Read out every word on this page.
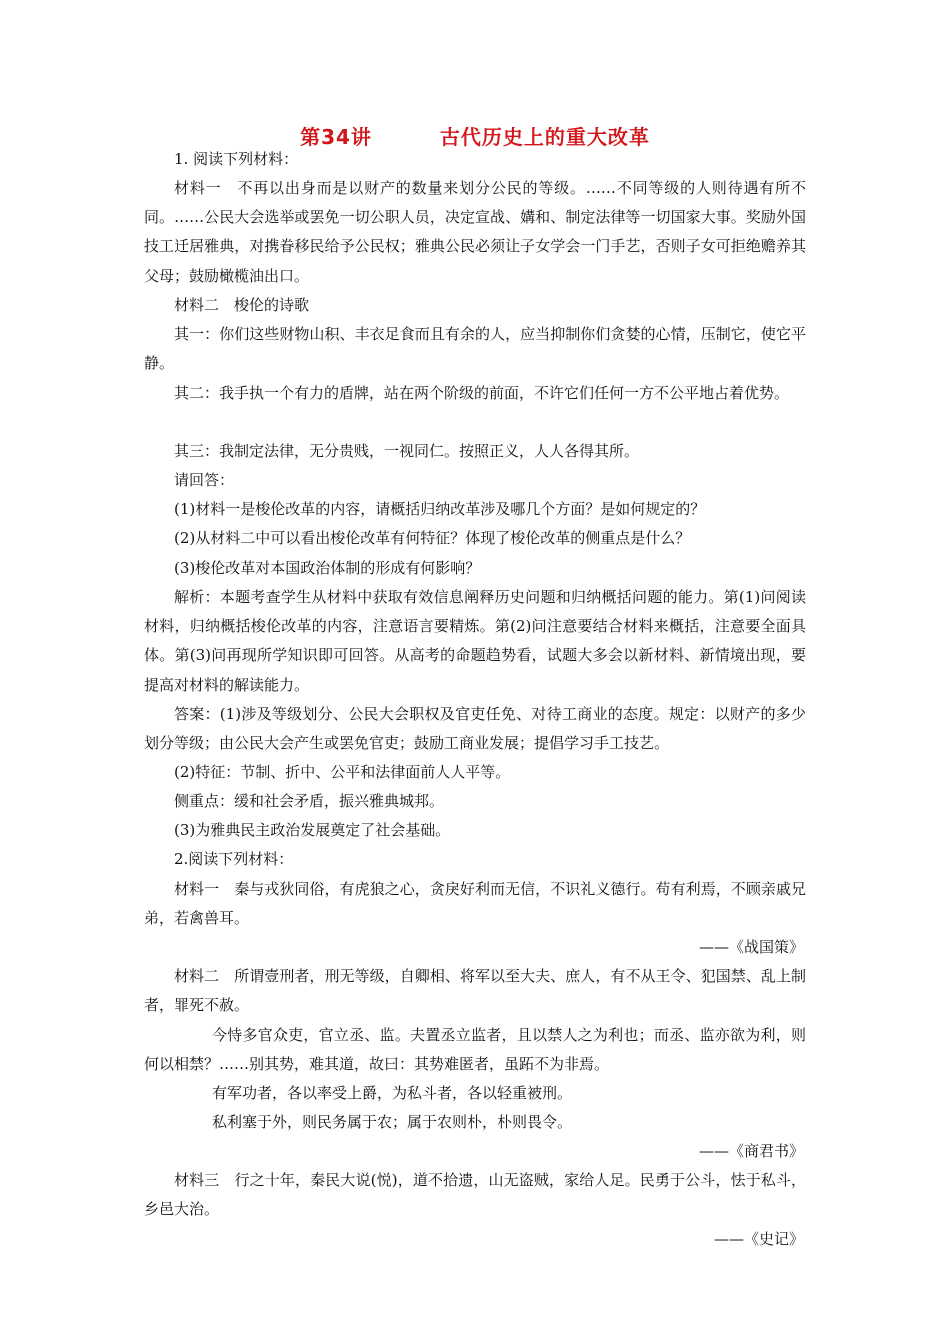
第34讲	古代历史上的重大改革
1. 阅读下列材料：
材料一　不再以出身而是以财产的数量来划分公民的等级。……不同等级的人则待遇有所不同。……公民大会选举或罢免一切公职人员，决定宣战、媾和、制定法律等一切国家大事。奖励外国技工迁居雅典，对携眷移民给予公民权；雅典公民必须让子女学会一门手艺，否则子女可拒绝赡养其父母；鼓励橄榄油出口。
材料二　梭伦的诗歌
其一：你们这些财物山积、丰衣足食而且有余的人，应当抑制你们贪婪的心情，压制它，使它平静。
其二：我手执一个有力的盾牌，站在两个阶级的前面，不许它们任何一方不公平地占着优势。
其三：我制定法律，无分贵贱，一视同仁。按照正义，人人各得其所。
请回答：
(1)材料一是梭伦改革的内容，请概括归纳改革涉及哪几个方面？是如何规定的？
(2)从材料二中可以看出梭伦改革有何特征？体现了梭伦改革的侧重点是什么？
(3)梭伦改革对本国政治体制的形成有何影响？
解析：本题考查学生从材料中获取有效信息阐释历史问题和归纳概括问题的能力。第(1)问阅读材料，归纳概括梭伦改革的内容，注意语言要精炼。第(2)问注意要结合材料来概括，注意要全面具体。第(3)问再现所学知识即可回答。从高考的命题趋势看，试题大多会以新材料、新情境出现，要提高对材料的解读能力。
答案：(1)涉及等级划分、公民大会职权及官吏任免、对待工商业的态度。规定：以财产的多少划分等级；由公民大会产生或罢免官吏；鼓励工商业发展；提倡学习手工技艺。
(2)特征：节制、折中、公平和法律面前人人平等。
侧重点：缓和社会矛盾，振兴雅典城邦。
(3)为雅典民主政治发展奠定了社会基础。
2.阅读下列材料：
材料一　秦与戎狄同俗，有虎狼之心，贪戾好利而无信，不识礼义德行。苟有利焉，不顾亲戚兄弟，若禽兽耳。
——《战国策》
材料二　所谓壹刑者，刑无等级，自卿相、将军以至大夫、庶人，有不从王令、犯国禁、乱上制者，罪死不赦。
今恃多官众吏，官立丞、监。夫置丞立监者，且以禁人之为利也；而丞、监亦欲为利，则何以相禁？……别其势，难其道，故曰：其势难匿者，虽跖不为非焉。
有军功者，各以率受上爵，为私斗者，各以轻重被刑。
私利塞于外，则民务属于农；属于农则朴，朴则畏令。
——《商君书》
材料三　行之十年，秦民大说(悦)，道不拾遗，山无盗贼，家给人足。民勇于公斗，怯于私斗，乡邑大治。
——《史记》
